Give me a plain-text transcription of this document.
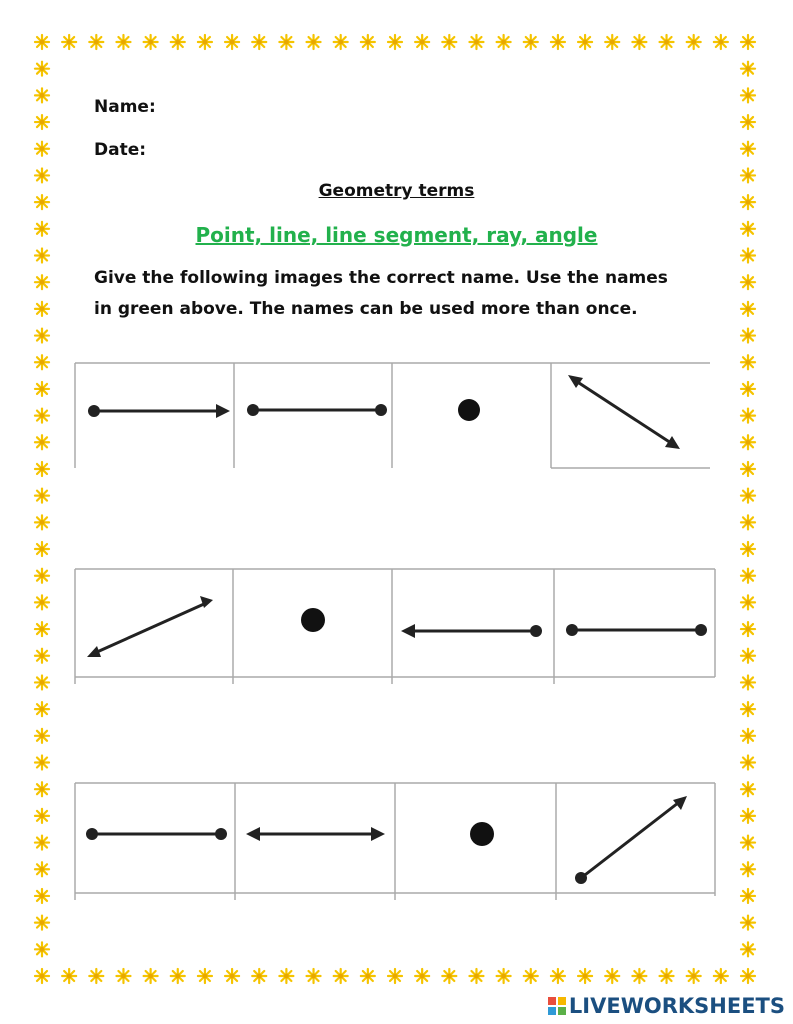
Name:

Date:

Geometry terms

Point, line, line segment, ray, angle

Give the following images the correct name. Use the names

in green above. The names can be used more than once.

LIVEWORKSHEETS
